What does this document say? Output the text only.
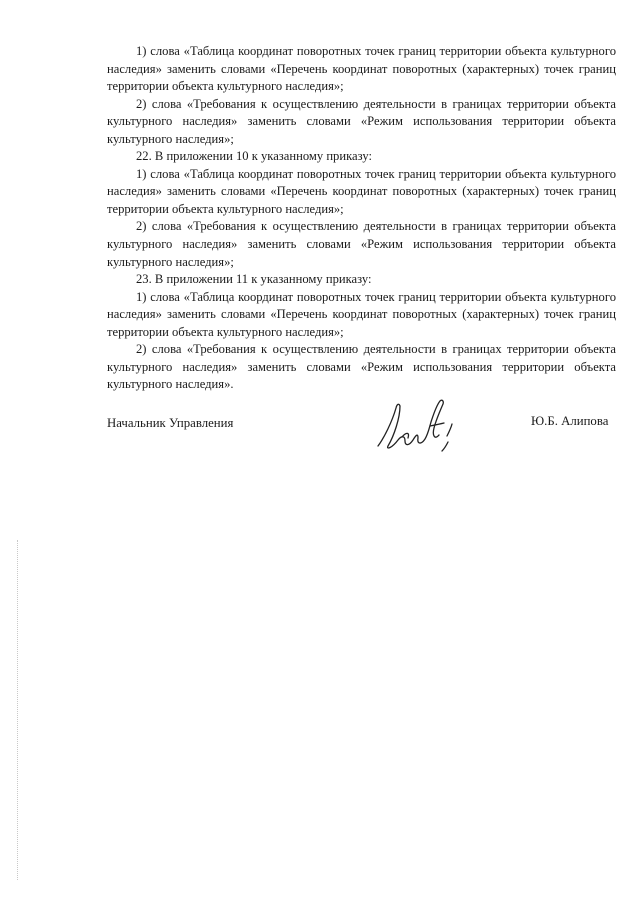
1) слова «Таблица координат поворотных точек границ территории объекта культурного наследия» заменить словами «Перечень координат поворотных (характерных) точек границ территории объекта культурного наследия»;

2) слова «Требования к осуществлению деятельности в границах территории объекта культурного наследия» заменить словами «Режим использования территории объекта культурного наследия»;

22. В приложении 10 к указанному приказу:

1) слова «Таблица координат поворотных точек границ территории объекта культурного наследия» заменить словами «Перечень координат поворотных (характерных) точек границ территории объекта культурного наследия»;

2) слова «Требования к осуществлению деятельности в границах территории объекта культурного наследия» заменить словами «Режим использования территории объекта культурного наследия»;

23. В приложении 11 к указанному приказу:

1) слова «Таблица координат поворотных точек границ территории объекта культурного наследия» заменить словами «Перечень координат поворотных (характерных) точек границ территории объекта культурного наследия»;

2) слова «Требования к осуществлению деятельности в границах территории объекта культурного наследия» заменить словами «Режим использования территории объекта культурного наследия».

Начальник Управления	Ю.Б. Алипова
